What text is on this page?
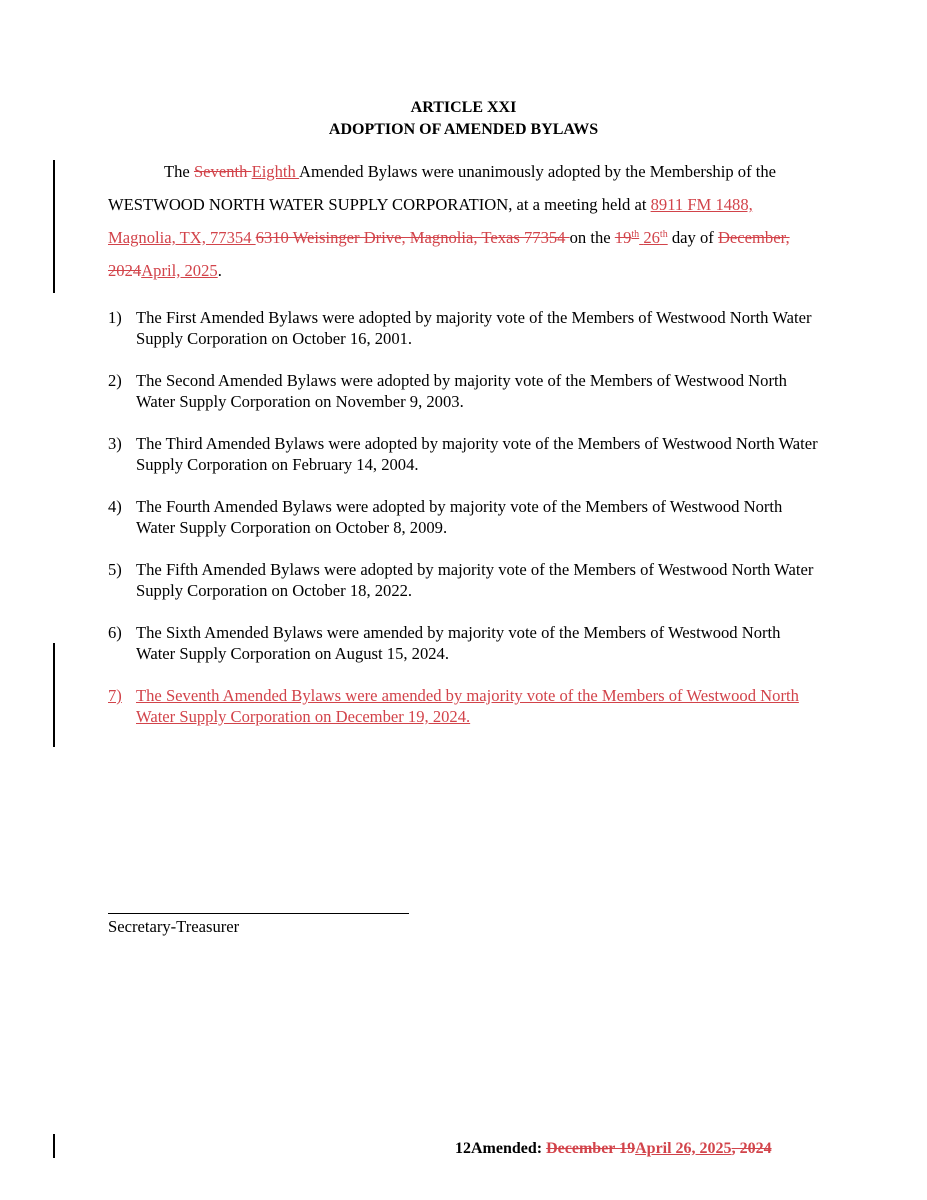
ARTICLE XXI
ADOPTION OF AMENDED BYLAWS
The Seventh Eighth Amended Bylaws were unanimously adopted by the Membership of the WESTWOOD NORTH WATER SUPPLY CORPORATION, at a meeting held at 8911 FM 1488, Magnolia, TX, 77354 6310 Weisinger Drive, Magnolia, Texas 77354 on the 19th 26th day of December, 2024April, 2025.
1) The First Amended Bylaws were adopted by majority vote of the Members of Westwood North Water Supply Corporation on October 16, 2001.
2) The Second Amended Bylaws were adopted by majority vote of the Members of Westwood North Water Supply Corporation on November 9, 2003.
3) The Third Amended Bylaws were adopted by majority vote of the Members of Westwood North Water Supply Corporation on February 14, 2004.
4) The Fourth Amended Bylaws were adopted by majority vote of the Members of Westwood North Water Supply Corporation on October 8, 2009.
5) The Fifth Amended Bylaws were adopted by majority vote of the Members of Westwood North Water Supply Corporation on October 18, 2022.
6) The Sixth Amended Bylaws were amended by majority vote of the Members of Westwood North Water Supply Corporation on August 15, 2024.
7) The Seventh Amended Bylaws were amended by majority vote of the Members of Westwood North Water Supply Corporation on December 19, 2024.
Secretary-Treasurer
12Amended: December 19April 26, 2025, 2024
